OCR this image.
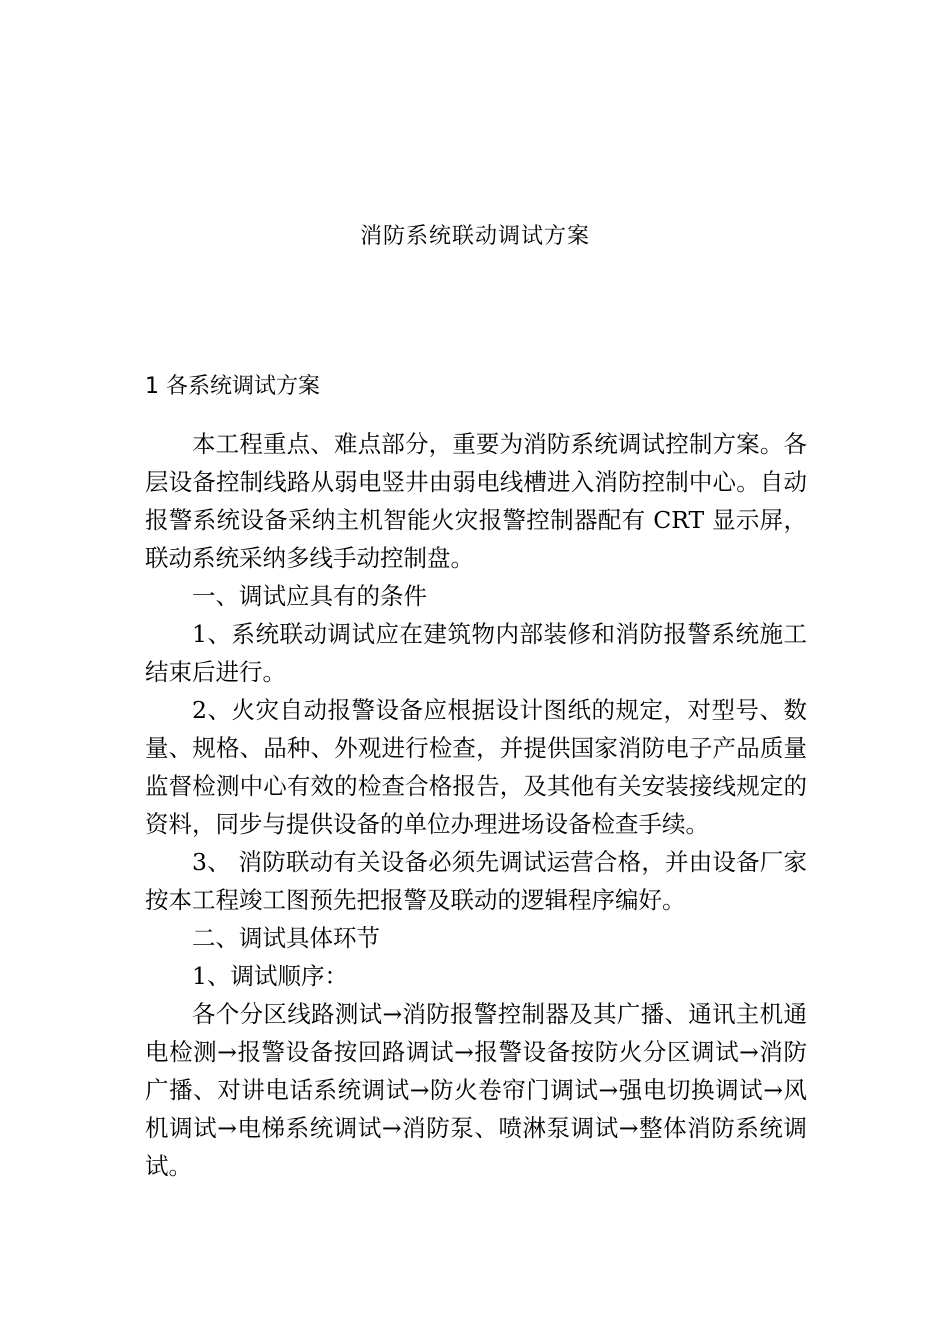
消防系统联动调试方案
1 各系统调试方案

本工程重点、难点部分，重要为消防系统调试控制方案。各层设备控制线路从弱电竖井由弱电线槽进入消防控制中心。自动报警系统设备采纳主机智能火灾报警控制器配有 CRT 显示屏，联动系统采纳多线手动控制盘。

一、调试应具有的条件

1、系统联动调试应在建筑物内部装修和消防报警系统施工结束后进行。

2、火灾自动报警设备应根据设计图纸的规定，对型号、数量、规格、品种、外观进行检查，并提供国家消防电子产品质量监督检测中心有效的检查合格报告，及其他有关安装接线规定的资料，同步与提供设备的单位办理进场设备检查手续。

3、 消防联动有关设备必须先调试运营合格，并由设备厂家按本工程竣工图预先把报警及联动的逻辑程序编好。

二、调试具体环节

1、调试顺序：

各个分区线路测试→消防报警控制器及其广播、通讯主机通电检测→报警设备按回路调试→报警设备按防火分区调试→消防广播、对讲电话系统调试→防火卷帘门调试→强电切换调试→风机调试→电梯系统调试→消防泵、喷淋泵调试→整体消防系统调试。
